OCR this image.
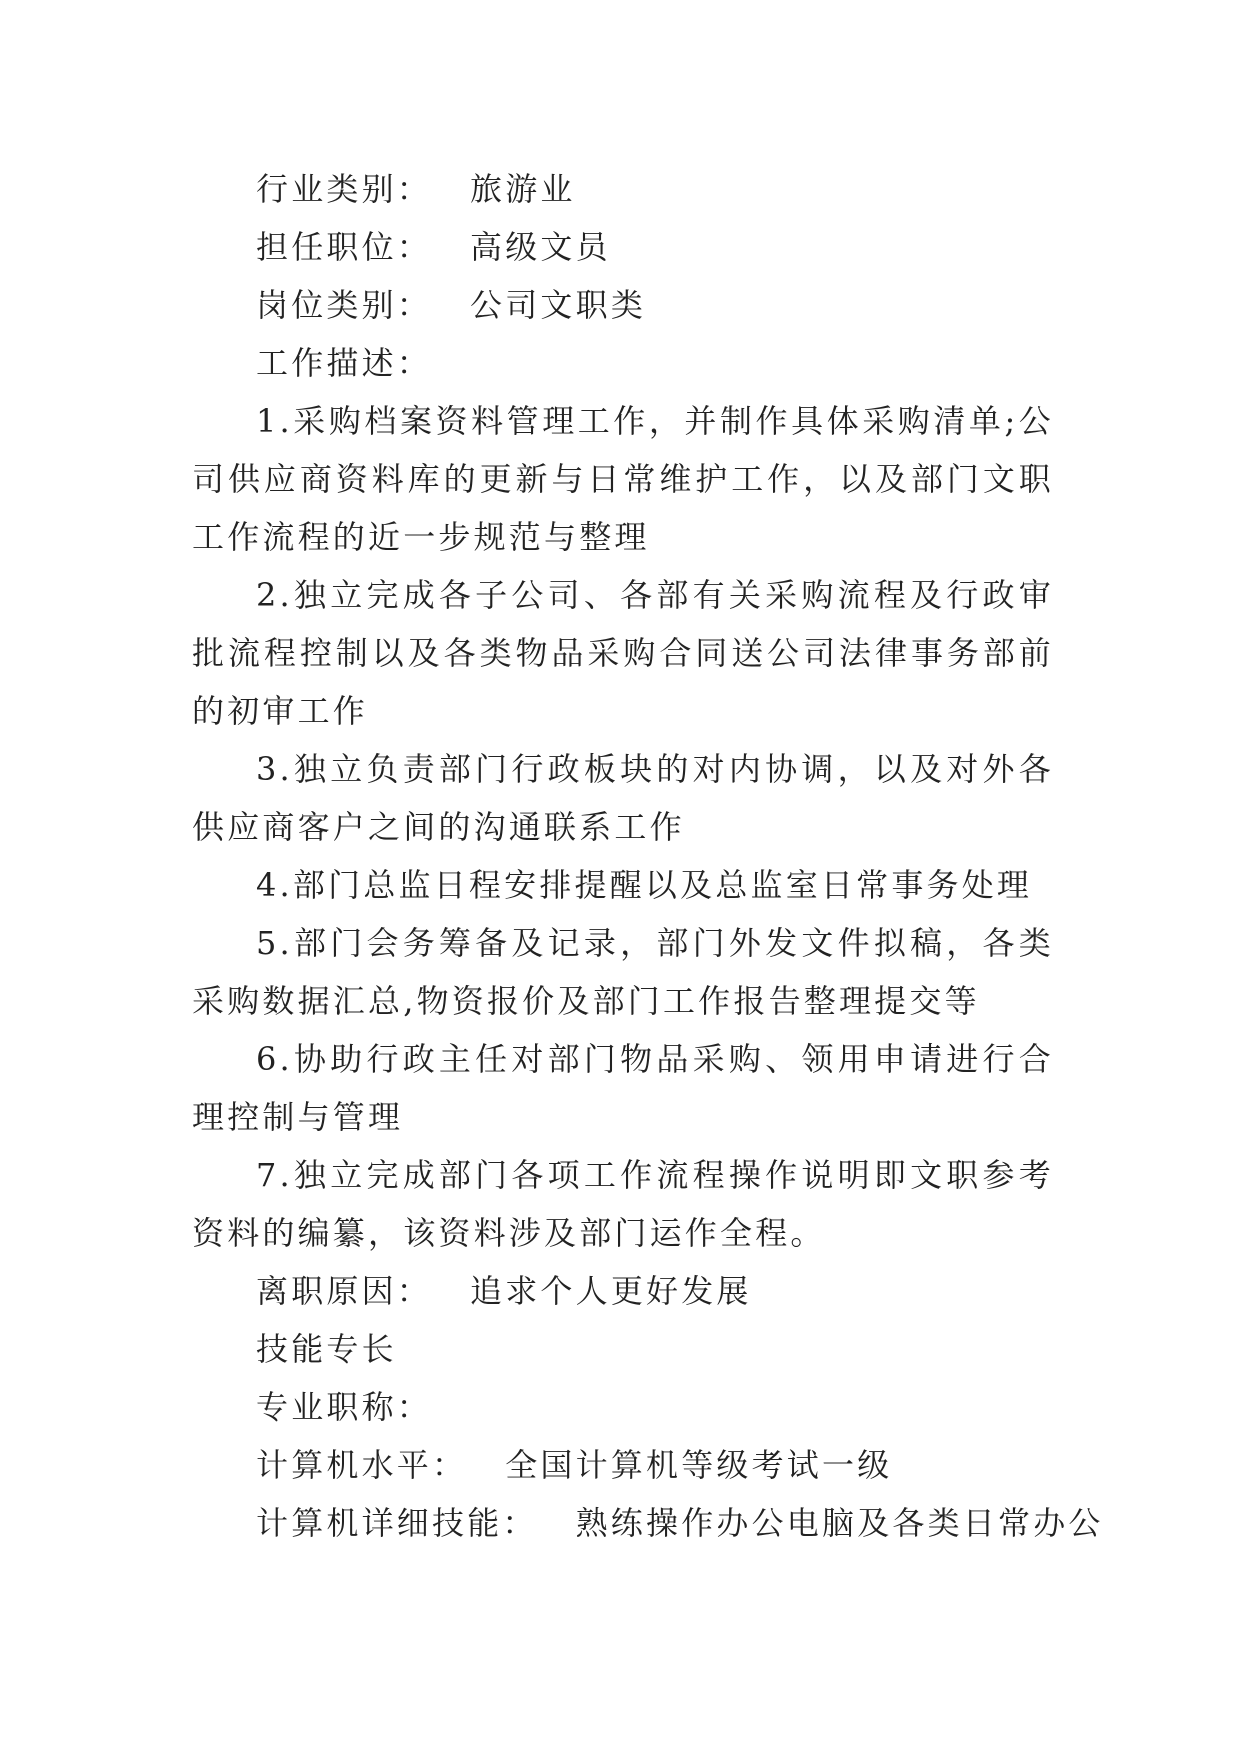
行业类别： 旅游业

担任职位： 高级文员

岗位类别： 公司文职类

工作描述：

1.采购档案资料管理工作，并制作具体采购清单;公司供应商资料库的更新与日常维护工作，以及部门文职工作流程的近一步规范与整理

2.独立完成各子公司、各部有关采购流程及行政审批流程控制以及各类物品采购合同送公司法律事务部前的初审工作

3.独立负责部门行政板块的对内协调，以及对外各供应商客户之间的沟通联系工作

4.部门总监日程安排提醒以及总监室日常事务处理

5.部门会务筹备及记录，部门外发文件拟稿，各类采购数据汇总,物资报价及部门工作报告整理提交等

6.协助行政主任对部门物品采购、领用申请进行合理控制与管理

7.独立完成部门各项工作流程操作说明即文职参考资料的编纂，该资料涉及部门运作全程。

离职原因： 追求个人更好发展

技能专长

专业职称：

计算机水平： 全国计算机等级考试一级

计算机详细技能： 熟练操作办公电脑及各类日常办公
